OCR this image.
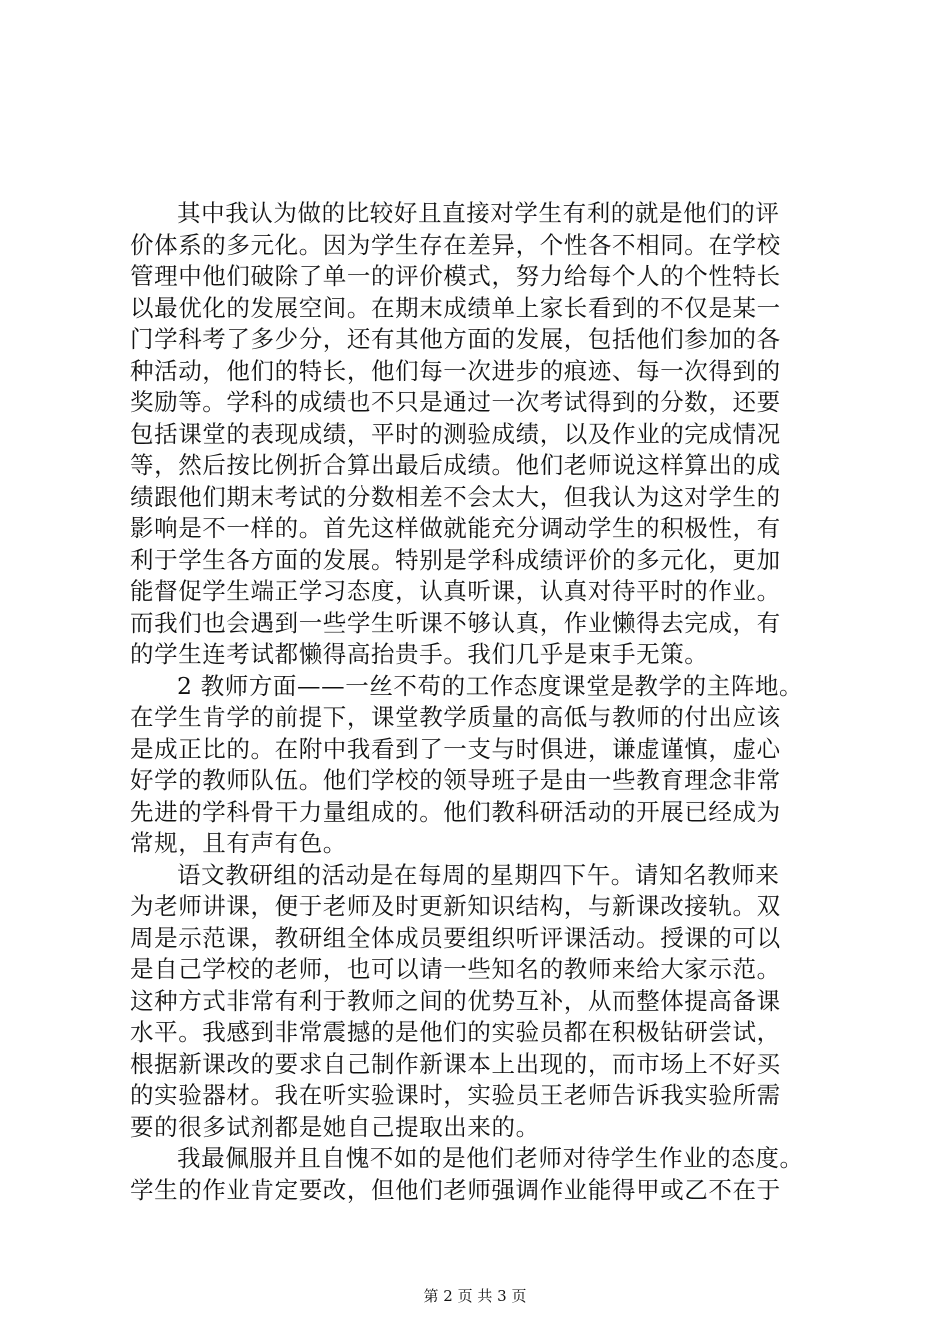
其中我认为做的比较好且直接对学生有利的就是他们的评
价体系的多元化。因为学生存在差异，个性各不相同。在学校
管理中他们破除了单一的评价模式，努力给每个人的个性特长
以最优化的发展空间。在期末成绩单上家长看到的不仅是某一
门学科考了多少分，还有其他方面的发展，包括他们参加的各
种活动，他们的特长，他们每一次进步的痕迹、每一次得到的
奖励等。学科的成绩也不只是通过一次考试得到的分数，还要
包括课堂的表现成绩，平时的测验成绩，以及作业的完成情况
等，然后按比例折合算出最后成绩。他们老师说这样算出的成
绩跟他们期末考试的分数相差不会太大，但我认为这对学生的
影响是不一样的。首先这样做就能充分调动学生的积极性，有
利于学生各方面的发展。特别是学科成绩评价的多元化，更加
能督促学生端正学习态度，认真听课，认真对待平时的作业。
而我们也会遇到一些学生听课不够认真，作业懒得去完成，有
的学生连考试都懒得高抬贵手。我们几乎是束手无策。
2 教师方面——一丝不苟的工作态度课堂是教学的主阵地。
在学生肯学的前提下，课堂教学质量的高低与教师的付出应该
是成正比的。在附中我看到了一支与时俱进，谦虚谨慎，虚心
好学的教师队伍。他们学校的领导班子是由一些教育理念非常
先进的学科骨干力量组成的。他们教科研活动的开展已经成为
常规，且有声有色。
语文教研组的活动是在每周的星期四下午。请知名教师来
为老师讲课，便于老师及时更新知识结构，与新课改接轨。双
周是示范课，教研组全体成员要组织听评课活动。授课的可以
是自己学校的老师，也可以请一些知名的教师来给大家示范。
这种方式非常有利于教师之间的优势互补，从而整体提高备课
水平。我感到非常震撼的是他们的实验员都在积极钻研尝试，
根据新课改的要求自己制作新课本上出现的，而市场上不好买
的实验器材。我在听实验课时，实验员王老师告诉我实验所需
要的很多试剂都是她自己提取出来的。
我最佩服并且自愧不如的是他们老师对待学生作业的态度。
学生的作业肯定要改，但他们老师强调作业能得甲或乙不在于
第 2 页 共 3 页
